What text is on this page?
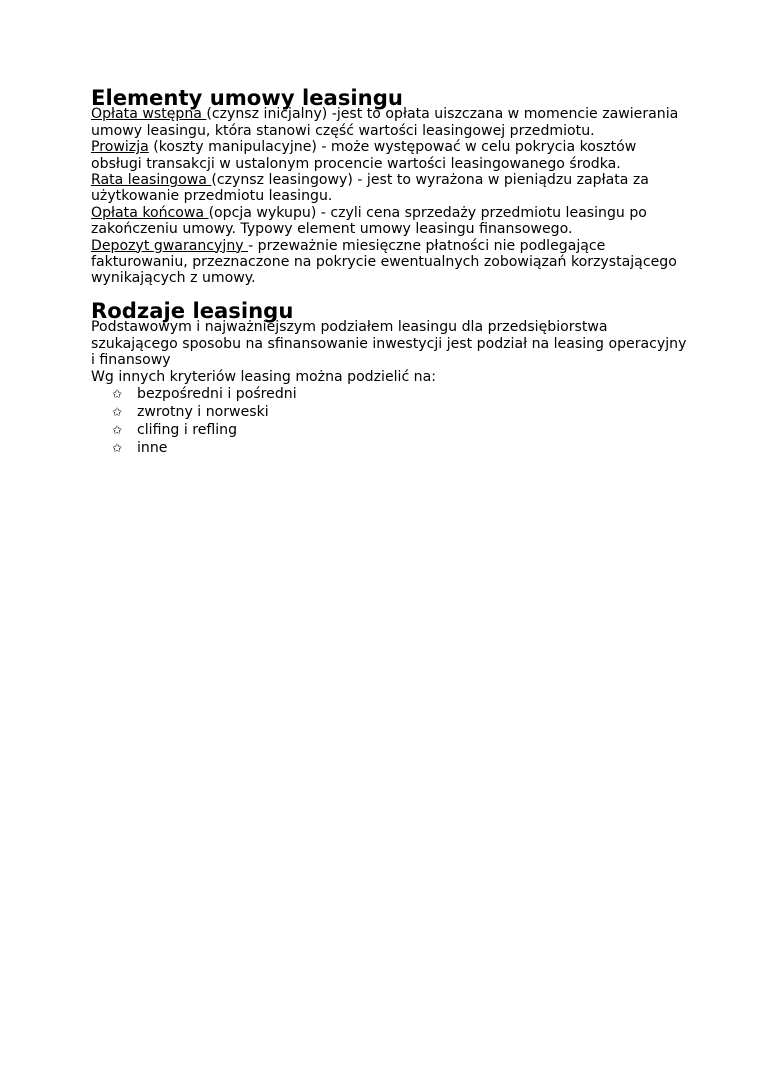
Elementy umowy leasingu

Opłata wstępna (czynsz inicjalny) -jest to opłata uiszczana w momencie zawierania umowy leasingu, która stanowi część wartości leasingowej przedmiotu.

Prowizja (koszty manipulacyjne) - może występować w celu pokrycia kosztów obsługi transakcji w ustalonym procencie wartości leasingowanego środka.

Rata leasingowa (czynsz leasingowy) - jest to wyrażona w pieniądzu zapłata za użytkowanie przedmiotu leasingu.

Opłata końcowa (opcja wykupu) - czyli cena sprzedaży przedmiotu leasingu po zakończeniu umowy. Typowy element umowy leasingu finansowego.

Depozyt gwarancyjny - przeważnie miesięczne płatności nie podlegające fakturowaniu, przeznaczone na pokrycie ewentualnych zobowiązań korzystającego wynikających z umowy.

Rodzaje leasingu

Podstawowym i najważniejszym podziałem leasingu dla przedsiębiorstwa szukającego sposobu na sfinansowanie inwestycji jest podział na leasing operacyjny i finansowy

Wg innych kryteriów leasing można podzielić na:

✩	bezpośredni i pośredni
✩	zwrotny i norweski
✩	clifing i refling
✩	inne
